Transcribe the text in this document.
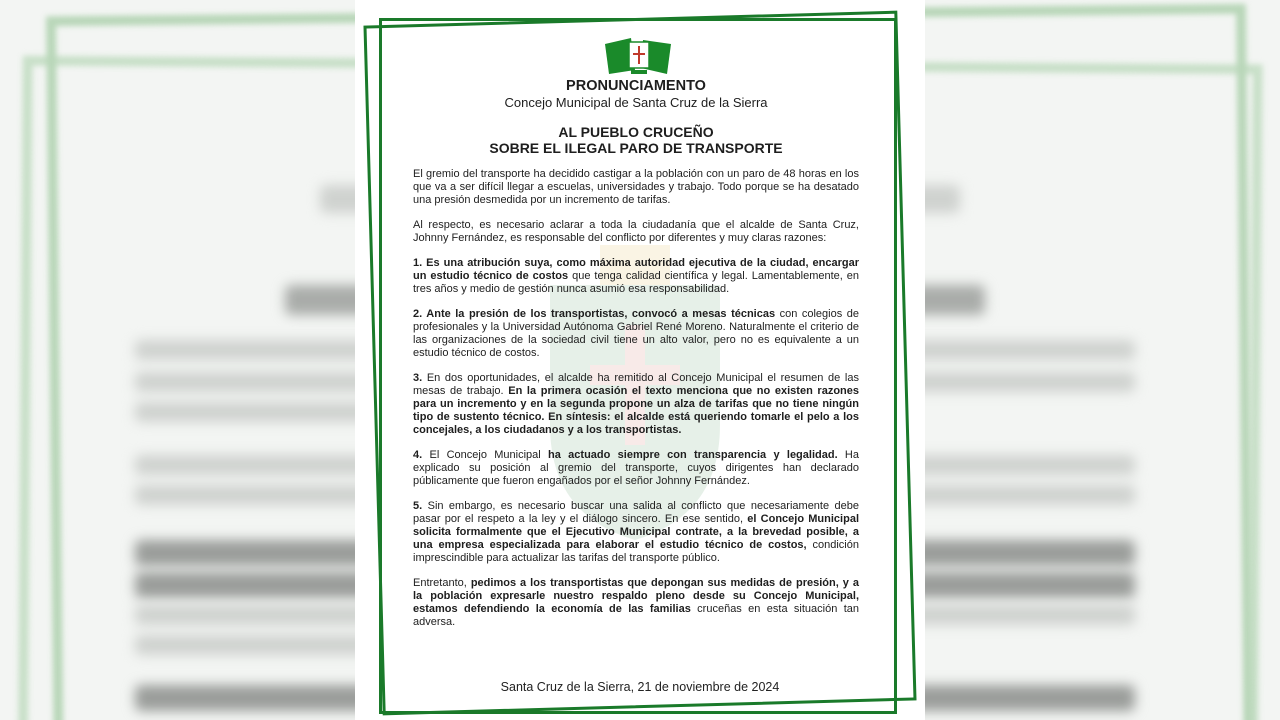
PRONUNCIAMENTO

Concejo Municipal de Santa Cruz de la Sierra

AL PUEBLO CRUCEÑO

SOBRE EL ILEGAL PARO DE TRANSPORTE

El gremio del transporte ha decidido castigar a la población con un paro de 48 horas en los que va a ser difícil llegar a escuelas, universidades y trabajo. Todo porque se ha desatado una presión desmedida por un incremento de tarifas.

Al respecto, es necesario aclarar a toda la ciudadanía que el alcalde de Santa Cruz, Johnny Fernández, es responsable del conflicto por diferentes y muy claras razones:

1. Es una atribución suya, como máxima autoridad ejecutiva de la ciudad, encargar un estudio técnico de costos que tenga calidad científica y legal. Lamentablemente, en tres años y medio de gestión nunca asumió esa responsabilidad.

2. Ante la presión de los transportistas, convocó a mesas técnicas con colegios de profesionales y la Universidad Autónoma Gabriel René Moreno. Naturalmente el criterio de las organizaciones de la sociedad civil tiene un alto valor, pero no es equivalente a un estudio técnico de costos.

3. En dos oportunidades, el alcalde ha remitido al Concejo Municipal el resumen de las mesas de trabajo. En la primera ocasión el texto menciona que no existen razones para un incremento y en la segunda propone un alza de tarifas que no tiene ningún tipo de sustento técnico. En síntesis: el alcalde está queriendo tomarle el pelo a los concejales, a los ciudadanos y a los transportistas.

4. El Concejo Municipal ha actuado siempre con transparencia y legalidad. Ha explicado su posición al gremio del transporte, cuyos dirigentes han declarado públicamente que fueron engañados por el señor Johnny Fernández.

5. Sin embargo, es necesario buscar una salida al conflicto que necesariamente debe pasar por el respeto a la ley y el diálogo sincero. En ese sentido, el Concejo Municipal solicita formalmente que el Ejecutivo Municipal contrate, a la brevedad posible, a una empresa especializada para elaborar el estudio técnico de costos, condición imprescindible para actualizar las tarifas del transporte público.

Entretanto, pedimos a los transportistas que depongan sus medidas de presión, y a la población expresarle nuestro respaldo pleno desde su Concejo Municipal, estamos defendiendo la economía de las familias cruceñas en esta situación tan adversa.

Santa Cruz de la Sierra, 21 de noviembre de 2024
